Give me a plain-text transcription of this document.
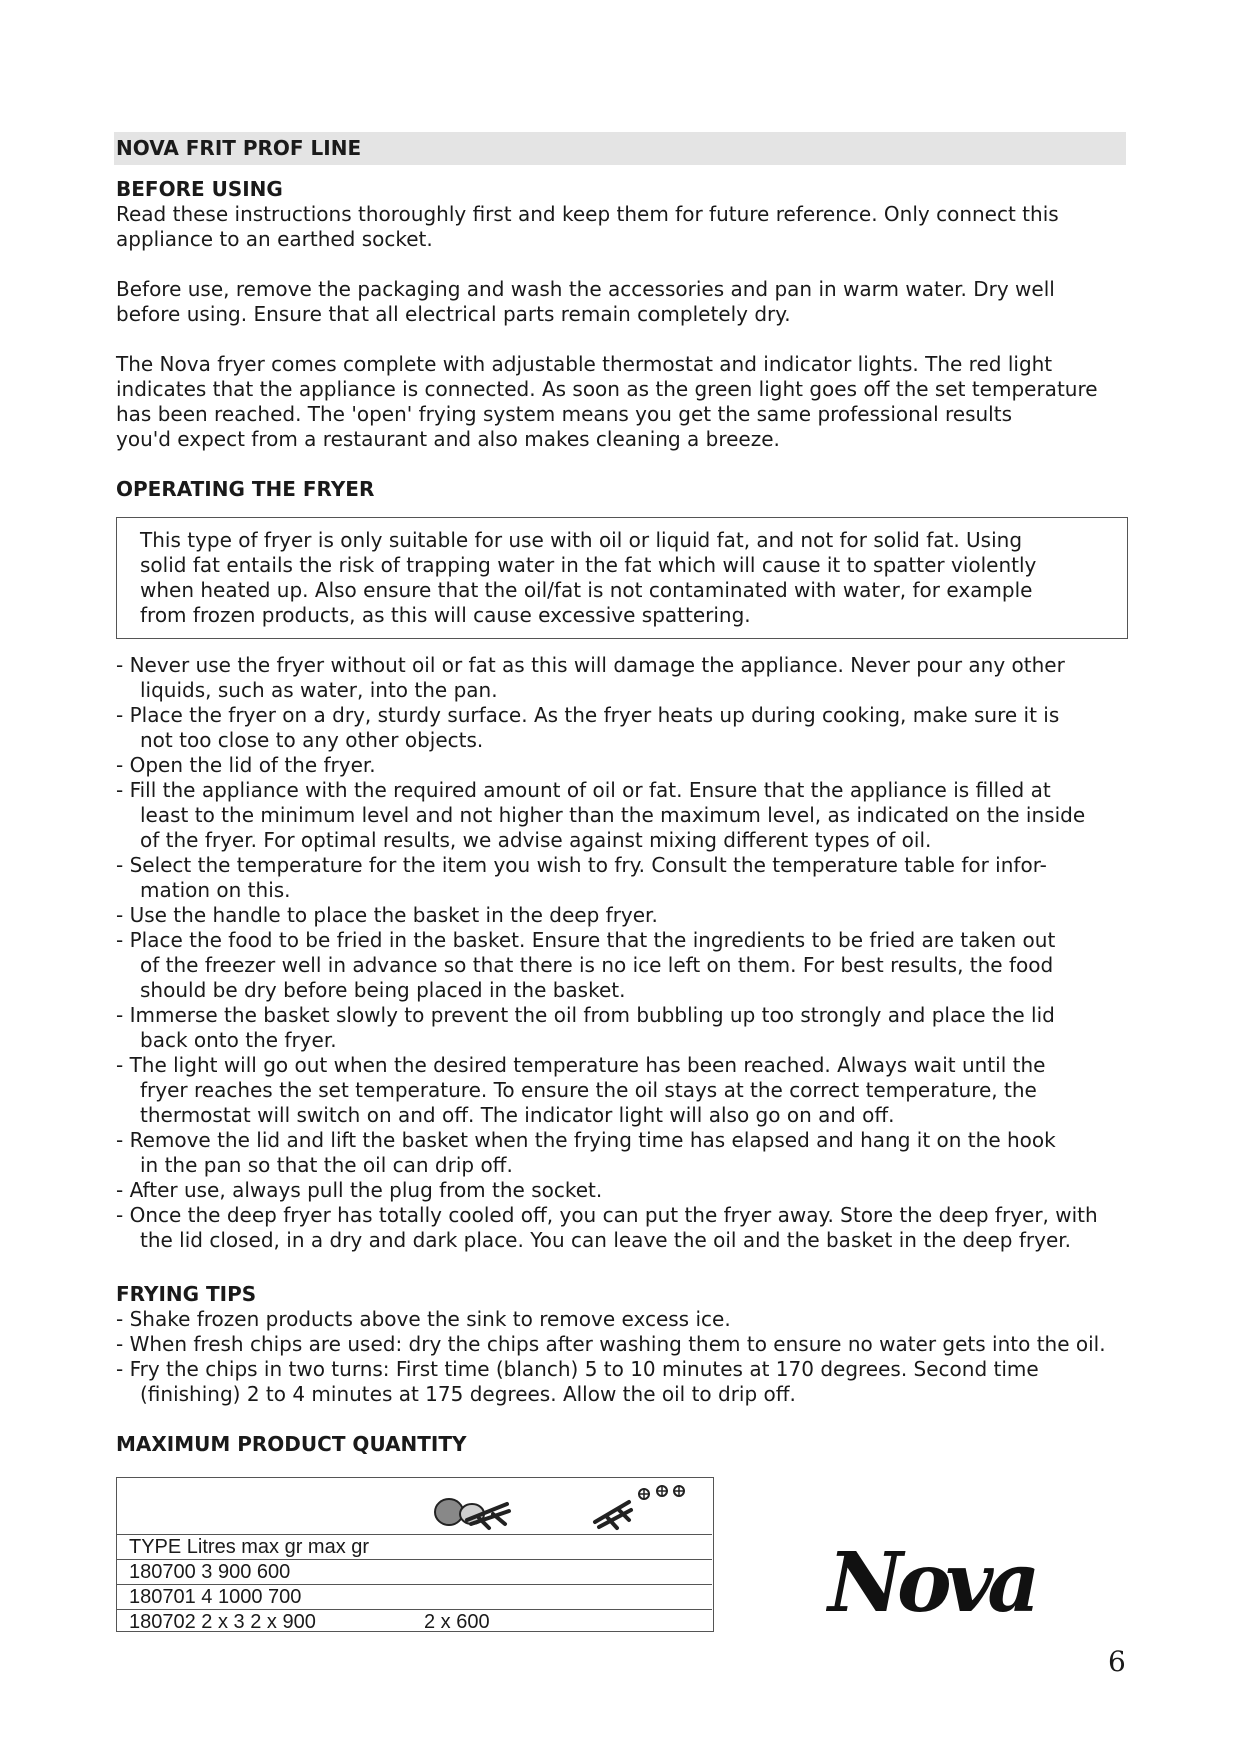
NOVA FRIT PROF LINE
BEFORE USING
Read these instructions thoroughly first and keep them for future reference. Only connect this
appliance to an earthed socket.
Before use, remove the packaging and wash the accessories and pan in warm water. Dry well
before using. Ensure that all electrical parts remain completely dry.
The Nova fryer comes complete with adjustable thermostat and indicator lights. The red light
indicates that the appliance is connected. As soon as the green light goes off the set temperature
has been reached. The 'open' frying system means you get the same professional results
you'd expect from a restaurant and also makes cleaning a breeze.
OPERATING THE FRYER
This type of fryer is only suitable for use with oil or liquid fat, and not for solid fat. Using
solid fat entails the risk of trapping water in the fat which will cause it to spatter violently
when heated up. Also ensure that the oil/fat is not contaminated with water, for example
from frozen products, as this will cause excessive spattering.
- Never use the fryer without oil or fat as this will damage the appliance. Never pour any other
liquids, such as water, into the pan.
- Place the fryer on a dry, sturdy surface. As the fryer heats up during cooking, make sure it is
not too close to any other objects.
- Open the lid of the fryer.
- Fill the appliance with the required amount of oil or fat. Ensure that the appliance is filled at
least to the minimum level and not higher than the maximum level, as indicated on the inside
of the fryer. For optimal results, we advise against mixing different types of oil.
- Select the temperature for the item you wish to fry. Consult the temperature table for infor-
mation on this.
- Use the handle to place the basket in the deep fryer.
- Place the food to be fried in the basket. Ensure that the ingredients to be fried are taken out
of the freezer well in advance so that there is no ice left on them. For best results, the food
should be dry before being placed in the basket.
- Immerse the basket slowly to prevent the oil from bubbling up too strongly and place the lid
back onto the fryer.
- The light will go out when the desired temperature has been reached. Always wait until the
fryer reaches the set temperature. To ensure the oil stays at the correct temperature, the
thermostat will switch on and off. The indicator light will also go on and off.
- Remove the lid and lift the basket when the frying time has elapsed and hang it on the hook
in the pan so that the oil can drip off.
- After use, always pull the plug from the socket.
- Once the deep fryer has totally cooled off, you can put the fryer away. Store the deep fryer, with
the lid closed, in a dry and dark place. You can leave the oil and the basket in the deep fryer.
FRYING TIPS
- Shake frozen products above the sink to remove excess ice.
- When fresh chips are used: dry the chips after washing them to ensure no water gets into the oil.
- Fry the chips in two turns: First time (blanch) 5 to 10 minutes at 170 degrees. Second time
(finishing) 2 to 4 minutes at 175 degrees. Allow the oil to drip off.
MAXIMUM PRODUCT QUANTITY
TYPE Litres max gr max gr
180700 3 900 600
180701 4 1000 700
180702 2 x 3 2 x 900	2 x 600	Nova
6
